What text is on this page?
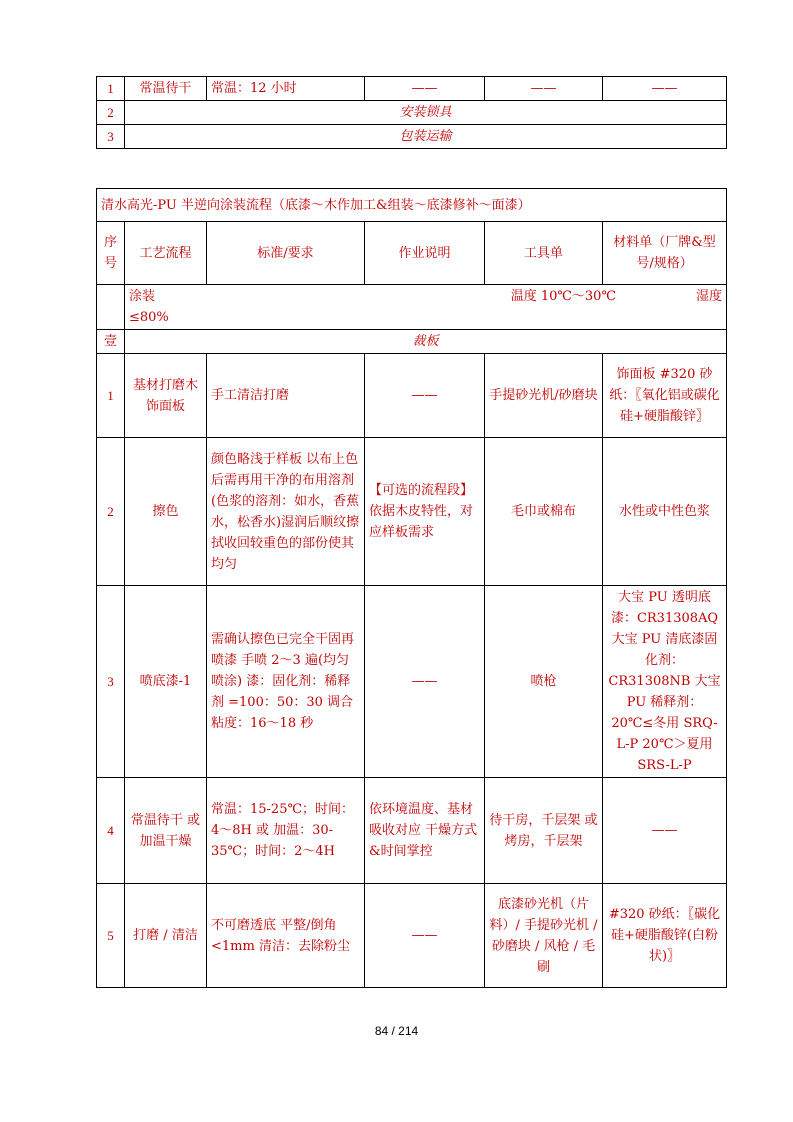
1	常温待干	常温：12 小时	——	——	——
2	安装锁具				
3	包装运输				
清水高光-PU 半逆向涂装流程（底漆～木作加工&组装～底漆修补～面漆）					
序号	工艺流程	标准/要求	作业说明	工具单	材料单（厂牌&型号/规格）

	涂装 温度 10℃～30℃ 湿度
≤80%				

壹	裁板				
1	基材打磨木饰面板	手工清洁打磨	——	手提砂光机/砂磨块	饰面板 #320 砂纸：〖氧化铝或碳化硅+硬脂酸锌〗
2	擦色	颜色略浅于样板 以布上色后需再用干净的布用溶剂(色浆的溶剂：如水，香蕉水，松香水)湿润后顺纹擦拭收回较重色的部份使其均匀	【可选的流程段】依据木皮特性，对应样板需求	毛巾或棉布	水性或中性色浆
3	喷底漆-1	需确认擦色已完全干固再喷漆 手喷 2～3 遍(均匀喷涂) 漆：固化剂：稀释剂 =100：50：30 调合粘度：16～18 秒	——	喷枪	大宝 PU 透明底漆：CR31308AQ 大宝 PU 清底漆固化剂：CR31308NB 大宝 PU 稀释剂：20℃≤冬用 SRQ-L-P 20℃＞夏用 SRS-L-P
4	常温待干 或 加温干燥	常温：15-25℃；时间：4～8H 或 加温：30-35℃；时间：2～4H	依环境温度、基材吸收对应 干燥方式&时间掌控	待干房，千层架 或 烤房，千层架	——
5	打磨 / 清洁	不可磨透底 平整/倒角<1mm 清洁：去除粉尘	——	底漆砂光机（片料）/ 手提砂光机 / 砂磨块 / 风枪 / 毛刷	#320 砂纸：〖碳化硅+硬脂酸锌(白粉状)〗
84 / 214
